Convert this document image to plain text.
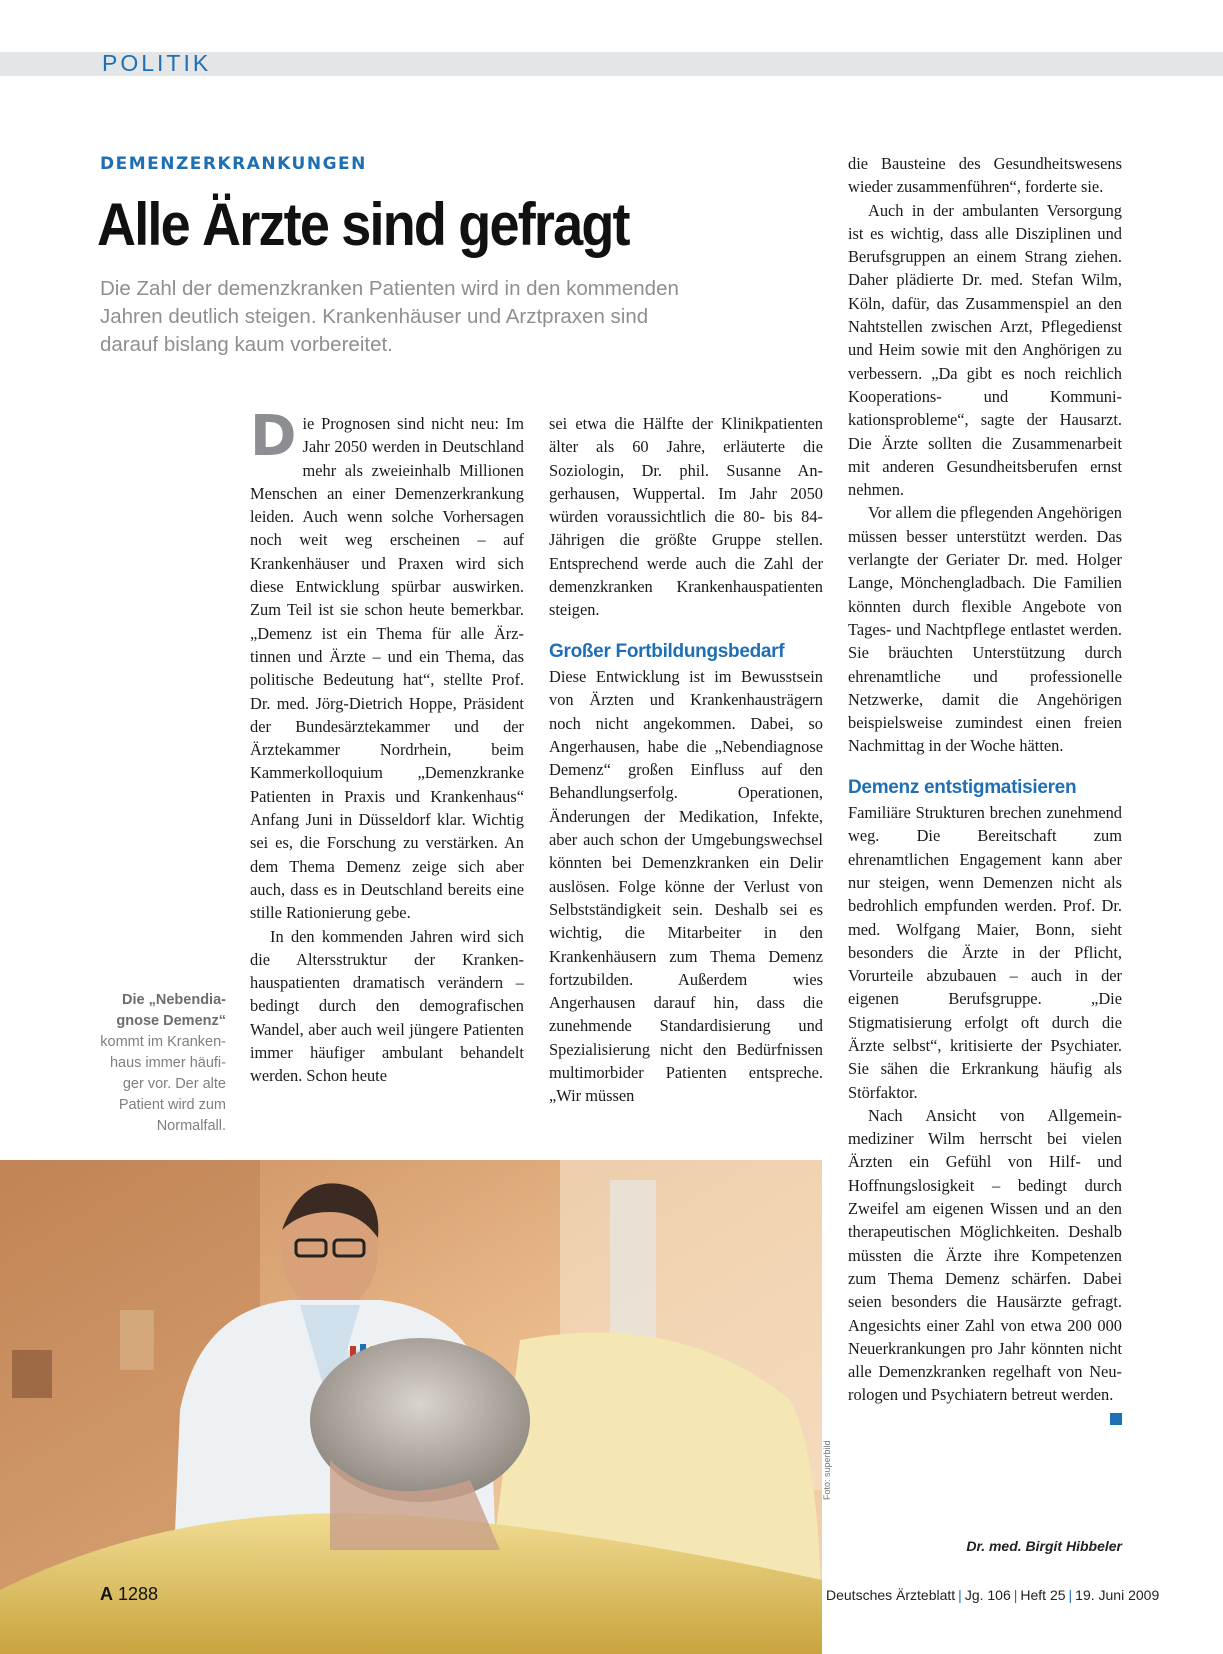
POLITIK
DEMENZERKRANKUNGEN
Alle Ärzte sind gefragt
Die Zahl der demenzkranken Patienten wird in den kommenden Jahren deutlich steigen. Krankenhäuser und Arztpraxen sind darauf bislang kaum vorbereitet.

Die Prognosen sind nicht neu: Im Jahr 2050 werden in Deutschland mehr als zweieinhalb Millionen Menschen an einer Demenzerkrankung leiden. Auch wenn solche Vorhersagen noch weit weg erscheinen – auf Krankenhäuser und Praxen wird sich diese Entwicklung spürbar auswirken. Zum Teil ist sie schon heute bemerkbar. „Demenz ist ein Thema für alle Ärztinnen und Ärzte – und ein Thema, das politische Bedeutung hat“, stellte Prof. Dr. med. Jörg-Dietrich Hoppe, Präsident der Bundesärztekammer und der Ärztekammer Nordrhein, beim Kammerkolloquium „Demenzkranke Patienten in Praxis und Krankenhaus“ Anfang Juni in Düsseldorf klar. Wichtig sei es, die Forschung zu verstärken. An dem Thema Demenz zeige sich aber auch, dass es in Deutschland bereits eine stille Rationierung gebe.

In den kommenden Jahren wird sich die Altersstruktur der Krankenhauspatienten dramatisch verändern – bedingt durch den demografischen Wandel, aber auch weil jüngere Patienten immer häufiger ambulant behandelt werden. Schon heute

sei etwa die Hälfte der Klinikpatienten älter als 60 Jahre, erläuterte die Soziologin, Dr. phil. Susanne Angerhausen, Wuppertal. Im Jahr 2050 würden voraussichtlich die 80- bis 84-Jährigen die größte Gruppe stellen. Entsprechend werde auch die Zahl der demenzkranken Krankenhauspatienten steigen.

Großer Fortbildungsbedarf

Diese Entwicklung ist im Bewusstsein von Ärzten und Krankenhausträgern noch nicht angekommen. Dabei, so Angerhausen, habe die „Nebendiagnose Demenz“ großen Einfluss auf den Behandlungserfolg. Operationen, Änderungen der Medikation, Infekte, aber auch schon der Umgebungswechsel könnten bei Demenzkranken ein Delir auslösen. Folge könne der Verlust von Selbstständigkeit sein. Deshalb sei es wichtig, die Mitarbeiter in den Krankenhäusern zum Thema Demenz fortzubilden. Außerdem wies Angerhausen darauf hin, dass die zunehmende Standardisierung und Spezialisierung nicht den Bedürfnissen multimorbider Patienten entspreche. „Wir müssen

die Bausteine des Gesundheitswesens wieder zusammenführen“, forderte sie.

Auch in der ambulanten Versorgung ist es wichtig, dass alle Disziplinen und Berufsgruppen an einem Strang ziehen. Daher plädierte Dr. med. Stefan Wilm, Köln, dafür, das Zusammenspiel an den Nahtstellen zwischen Arzt, Pflegedienst und Heim sowie mit den Anghörigen zu verbessern. „Da gibt es noch reichlich Kooperations- und Kommunikationsprobleme“, sagte der Hausarzt. Die Ärzte sollten die Zusammenarbeit mit anderen Gesundheitsberufen ernst nehmen.

Vor allem die pflegenden Angehörigen müssen besser unterstützt werden. Das verlangte der Geriater Dr. med. Holger Lange, Mönchengladbach. Die Familien könnten durch flexible Angebote von Tages- und Nachtpflege entlastet werden. Sie bräuchten Unterstützung durch ehrenamtliche und professionelle Netzwerke, damit die Angehörigen beispielsweise zumindest einen freien Nachmittag in der Woche hätten.

Demenz entstigmatisieren

Familiäre Strukturen brechen zunehmend weg. Die Bereitschaft zum ehrenamtlichen Engagement kann aber nur steigen, wenn Demenzen nicht als bedrohlich empfunden werden. Prof. Dr. med. Wolfgang Maier, Bonn, sieht besonders die Ärzte in der Pflicht, Vorurteile abzubauen – auch in der eigenen Berufsgruppe. „Die Stigmatisierung erfolgt oft durch die Ärzte selbst“, kritisierte der Psychiater. Sie sähen die Erkrankung häufig als Störfaktor.

Nach Ansicht von Allgemeinmediziner Wilm herrscht bei vielen Ärzten ein Gefühl von Hilf- und Hoffnungslosigkeit – bedingt durch Zweifel am eigenen Wissen und an den therapeutischen Möglichkeiten. Deshalb müssten die Ärzte ihre Kompetenzen zum Thema Demenz schärfen. Dabei seien besonders die Hausärzte gefragt. Angesichts einer Zahl von etwa 200 000 Neuerkrankungen pro Jahr könnten nicht alle Demenzkranken regelhaft von Neurologen und Psychiatern betreut werden.

Dr. med. Birgit Hibbeler
Die „Nebendiagnose Demenz“ kommt im Krankenhaus immer häufiger vor. Der alte Patient wird zum Normalfall.
Foto: superbild
A 1288	Deutsches Ärzteblatt | Jg. 106 | Heft 25 | 19. Juni 2009
